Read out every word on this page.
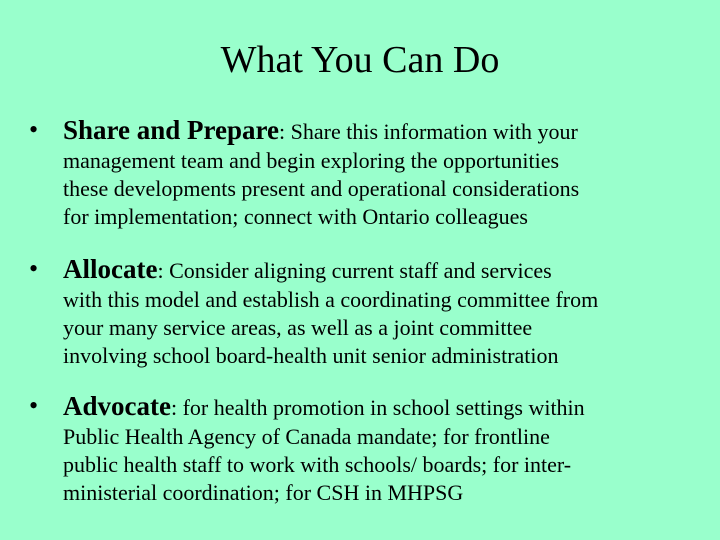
What You Can Do
• Share and Prepare: Share this information with your
management team and begin exploring the opportunities
these developments present and operational considerations
for implementation; connect with Ontario colleagues
• Allocate: Consider aligning current staff and services
with this model and establish a coordinating committee from
your many service areas, as well as a joint committee
involving school board-health unit senior administration
• Advocate: for health promotion in school settings within
Public Health Agency of Canada mandate; for frontline
public health staff to work with schools/ boards; for inter-
ministerial coordination; for CSH in MHPSG
